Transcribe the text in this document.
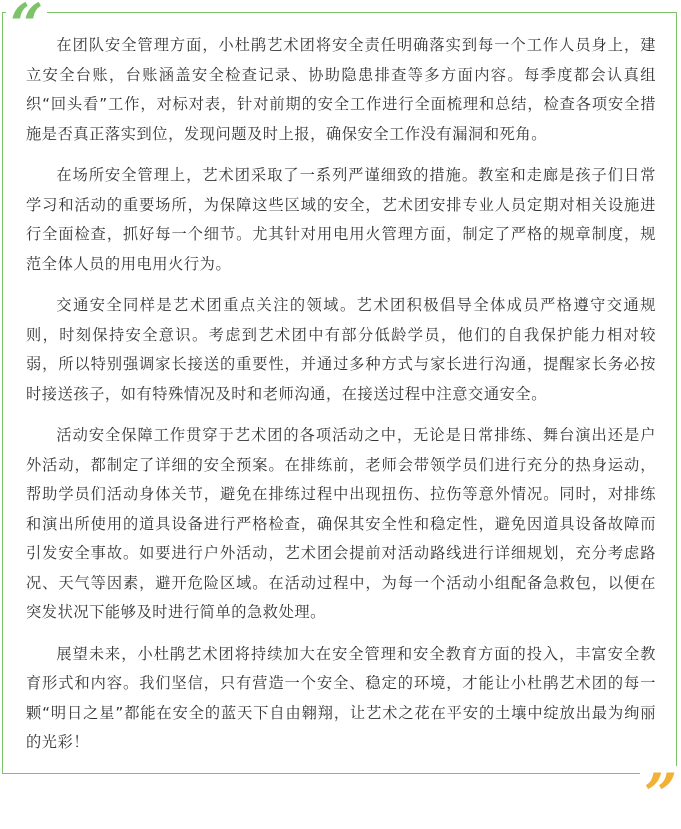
“ 在团队安全管理方面，小杜鹃艺术团将安全责任明确落实到每一个工作人员身上，建立安全台账，台账涵盖安全检查记录、协助隐患排查等多方面内容。每季度都会认真组织“回头看”工作，对标对表，针对前期的安全工作进行全面梳理和总结，检查各项安全措施是否真正落实到位，发现问题及时上报，确保安全工作没有漏洞和死角。

在场所安全管理上，艺术团采取了一系列严谨细致的措施。教室和走廊是孩子们日常学习和活动的重要场所，为保障这些区域的安全，艺术团安排专业人员定期对相关设施进行全面检查，抓好每一个细节。尤其针对用电用火管理方面，制定了严格的规章制度，规范全体人员的用电用火行为。

交通安全同样是艺术团重点关注的领域。艺术团积极倡导全体成员严格遵守交通规则，时刻保持安全意识。考虑到艺术团中有部分低龄学员，他们的自我保护能力相对较弱，所以特别强调家长接送的重要性，并通过多种方式与家长进行沟通，提醒家长务必按时接送孩子，如有特殊情况及时和老师沟通，在接送过程中注意交通安全。

活动安全保障工作贯穿于艺术团的各项活动之中，无论是日常排练、舞台演出还是户外活动，都制定了详细的安全预案。在排练前，老师会带领学员们进行充分的热身运动，帮助学员们活动身体关节，避免在排练过程中出现扭伤、拉伤等意外情况。同时，对排练和演出所使用的道具设备进行严格检查，确保其安全性和稳定性，避免因道具设备故障而引发安全事故。如要进行户外活动，艺术团会提前对活动路线进行详细规划，充分考虑路况、天气等因素，避开危险区域。在活动过程中，为每一个活动小组配备急救包，以便在突发状况下能够及时进行简单的急救处理。

展望未来，小杜鹃艺术团将持续加大在安全管理和安全教育方面的投入，丰富安全教育形式和内容。我们坚信，只有营造一个安全、稳定的环境，才能让小杜鹃艺术团的每一颗“明日之星”都能在安全的蓝天下自由翱翔，让艺术之花在平安的土壤中绽放出最为绚丽的光彩！

”
